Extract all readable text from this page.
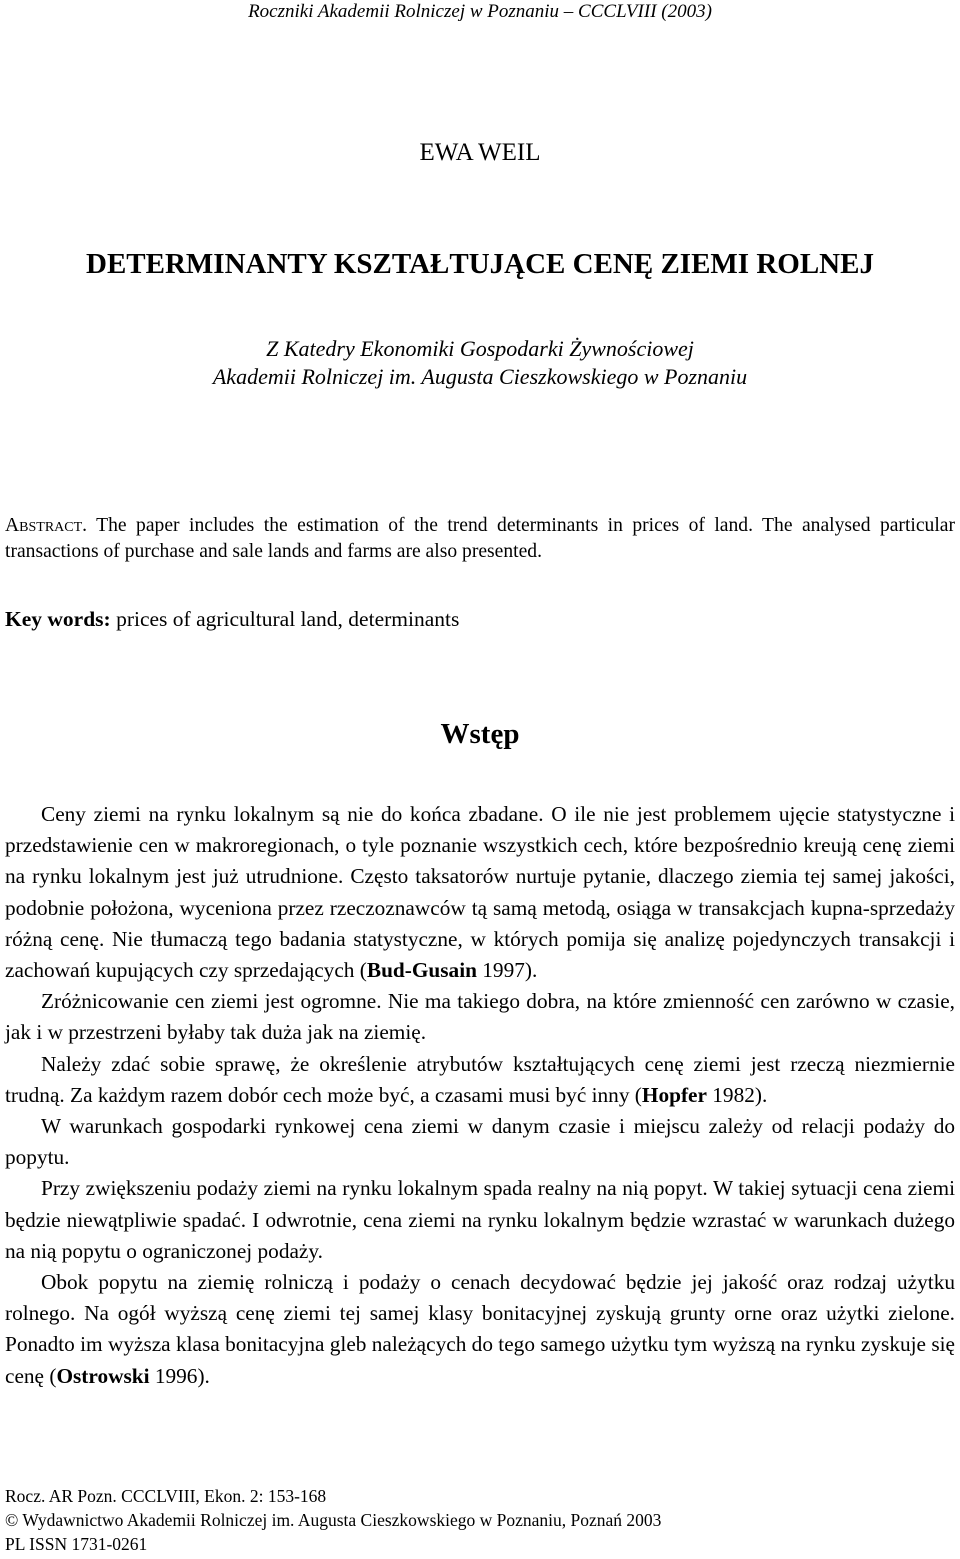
Roczniki Akademii Rolniczej w Poznaniu – CCCLVIII (2003)
EWA WEIL
DETERMINANTY KSZTAŁTUJĄCE CENĘ ZIEMI ROLNEJ
Z Katedry Ekonomiki Gospodarki Żywnościowej
Akademii Rolniczej im. Augusta Cieszkowskiego w Poznaniu
Abstract. The paper includes the estimation of the trend determinants in prices of land. The analysed particular transactions of purchase and sale lands and farms are also presented.
Key words: prices of agricultural land, determinants
Wstęp

Ceny ziemi na rynku lokalnym są nie do końca zbadane. O ile nie jest problemem ujęcie statystyczne i przedstawienie cen w makroregionach, o tyle poznanie wszystkich cech, które bezpośrednio kreują cenę ziemi na rynku lokalnym jest już utrudnione. Często taksatorów nurtuje pytanie, dlaczego ziemia tej samej jakości, podobnie położona, wyceniona przez rzeczoznawców tą samą metodą, osiąga w transakcjach kupna-sprzedaży różną cenę. Nie tłumaczą tego badania statystyczne, w których pomija się analizę pojedynczych transakcji i zachowań kupujących czy sprzedających (Bud-Gusain 1997).

Zróżnicowanie cen ziemi jest ogromne. Nie ma takiego dobra, na które zmienność cen zarówno w czasie, jak i w przestrzeni byłaby tak duża jak na ziemię.

Należy zdać sobie sprawę, że określenie atrybutów kształtujących cenę ziemi jest rzeczą niezmiernie trudną. Za każdym razem dobór cech może być, a czasami musi być inny (Hopfer 1982).

W warunkach gospodarki rynkowej cena ziemi w danym czasie i miejscu zależy od relacji podaży do popytu.

Przy zwiększeniu podaży ziemi na rynku lokalnym spada realny na nią popyt. W takiej sytuacji cena ziemi będzie niewątpliwie spadać. I odwrotnie, cena ziemi na rynku lokalnym będzie wzrastać w warunkach dużego na nią popytu o ograniczonej podaży.

Obok popytu na ziemię rolniczą i podaży o cenach decydować będzie jej jakość oraz rodzaj użytku rolnego. Na ogół wyższą cenę ziemi tej samej klasy bonitacyjnej zyskują grunty orne oraz użytki zielone. Ponadto im wyższa klasa bonitacyjna gleb należących do tego samego użytku tym wyższą na rynku zyskuje się cenę (Ostrowski 1996).

Rocz. AR Pozn. CCCLVIII, Ekon. 2: 153-168
© Wydawnictwo Akademii Rolniczej im. Augusta Cieszkowskiego w Poznaniu, Poznań 2003
PL ISSN 1731-0261
